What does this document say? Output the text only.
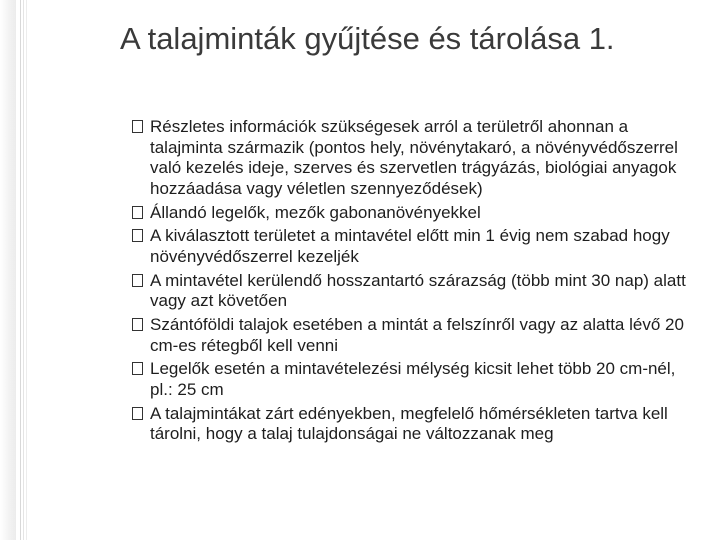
A talajminták gyűjtése és tárolása 1.
Részletes információk szükségesek arról a területről ahonnan a talajminta származik (pontos hely, növénytakaró, a növényvédőszerrel való kezelés ideje, szerves és szervetlen trágyázás, biológiai anyagok hozzáadása vagy véletlen szennyeződések)
Állandó legelők, mezők gabonanövényekkel
A kiválasztott területet a mintavétel előtt min 1 évig nem szabad hogy növényvédőszerrel kezeljék
A mintavétel kerülendő hosszantartó szárazság (több mint 30 nap) alatt vagy azt követően
Szántóföldi talajok esetében a mintát a felszínről vagy az alatta lévő 20 cm-es rétegből kell venni
Legelők esetén a mintavételezési mélység kicsit lehet több 20 cm-nél, pl.: 25 cm
A talajmintákat zárt edényekben, megfelelő hőmérsékleten tartva kell tárolni, hogy a talaj tulajdonságai ne változzanak meg
